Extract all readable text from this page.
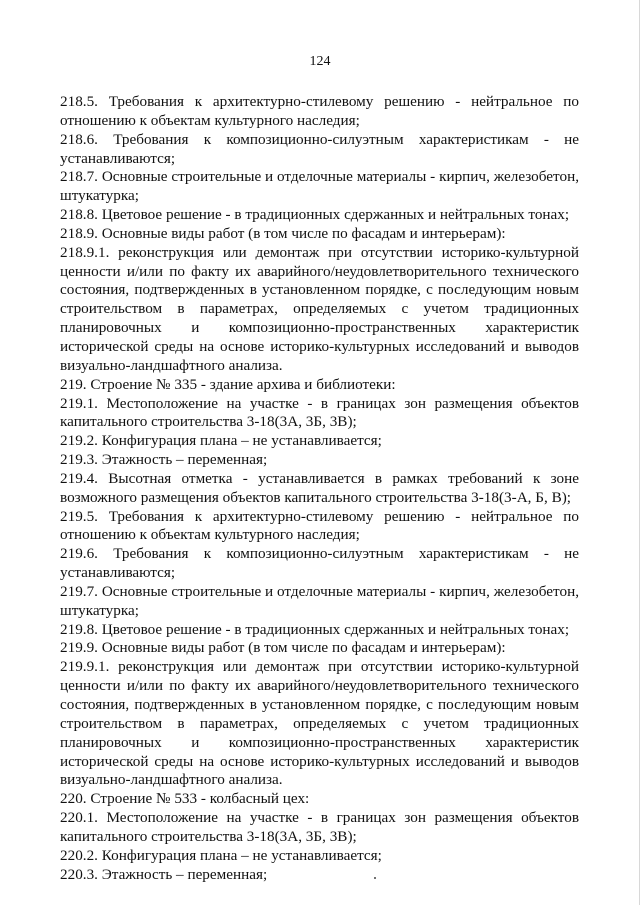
124
218.5. Требования к архитектурно-стилевому решению - нейтральное по
отношению к объектам культурного наследия;
218.6. Требования к композиционно-силуэтным характеристикам - не
устанавливаются;
218.7. Основные строительные и отделочные материалы - кирпич, железобетон,
штукатурка;
218.8. Цветовое решение - в традиционных сдержанных и нейтральных тонах;
218.9. Основные виды работ (в том числе по фасадам и интерьерам):
218.9.1. реконструкция или демонтаж при отсутствии историко-культурной
ценности и/или по факту их аварийного/неудовлетворительного технического
состояния, подтвержденных в установленном порядке, с последующим новым
строительством в параметрах, определяемых с учетом традиционных
планировочных и композиционно-пространственных характеристик
исторической среды на основе историко-культурных исследований и выводов
визуально-ландшафтного анализа.
219. Строение № 335 - здание архива и библиотеки:
219.1. Местоположение на участке - в границах зон размещения объектов
капитального строительства 3-18(3А, 3Б, 3В);
219.2. Конфигурация плана – не устанавливается;
219.3. Этажность – переменная;
219.4. Высотная отметка - устанавливается в рамках требований к зоне
возможного размещения объектов капитального строительства 3-18(3-А, Б, В);
219.5. Требования к архитектурно-стилевому решению - нейтральное по
отношению к объектам культурного наследия;
219.6. Требования к композиционно-силуэтным характеристикам - не
устанавливаются;
219.7. Основные строительные и отделочные материалы - кирпич, железобетон,
штукатурка;
219.8. Цветовое решение - в традиционных сдержанных и нейтральных тонах;
219.9. Основные виды работ (в том числе по фасадам и интерьерам):
219.9.1. реконструкция или демонтаж при отсутствии историко-культурной
ценности и/или по факту их аварийного/неудовлетворительного технического
состояния, подтвержденных в установленном порядке, с последующим новым
строительством в параметрах, определяемых с учетом традиционных
планировочных и композиционно-пространственных характеристик
исторической среды на основе историко-культурных исследований и выводов
визуально-ландшафтного анализа.
220. Строение № 533 - колбасный цех:
220.1. Местоположение на участке - в границах зон размещения объектов
капитального строительства 3-18(3А, 3Б, 3В);
220.2. Конфигурация плана – не устанавливается;
220.3. Этажность – переменная;
